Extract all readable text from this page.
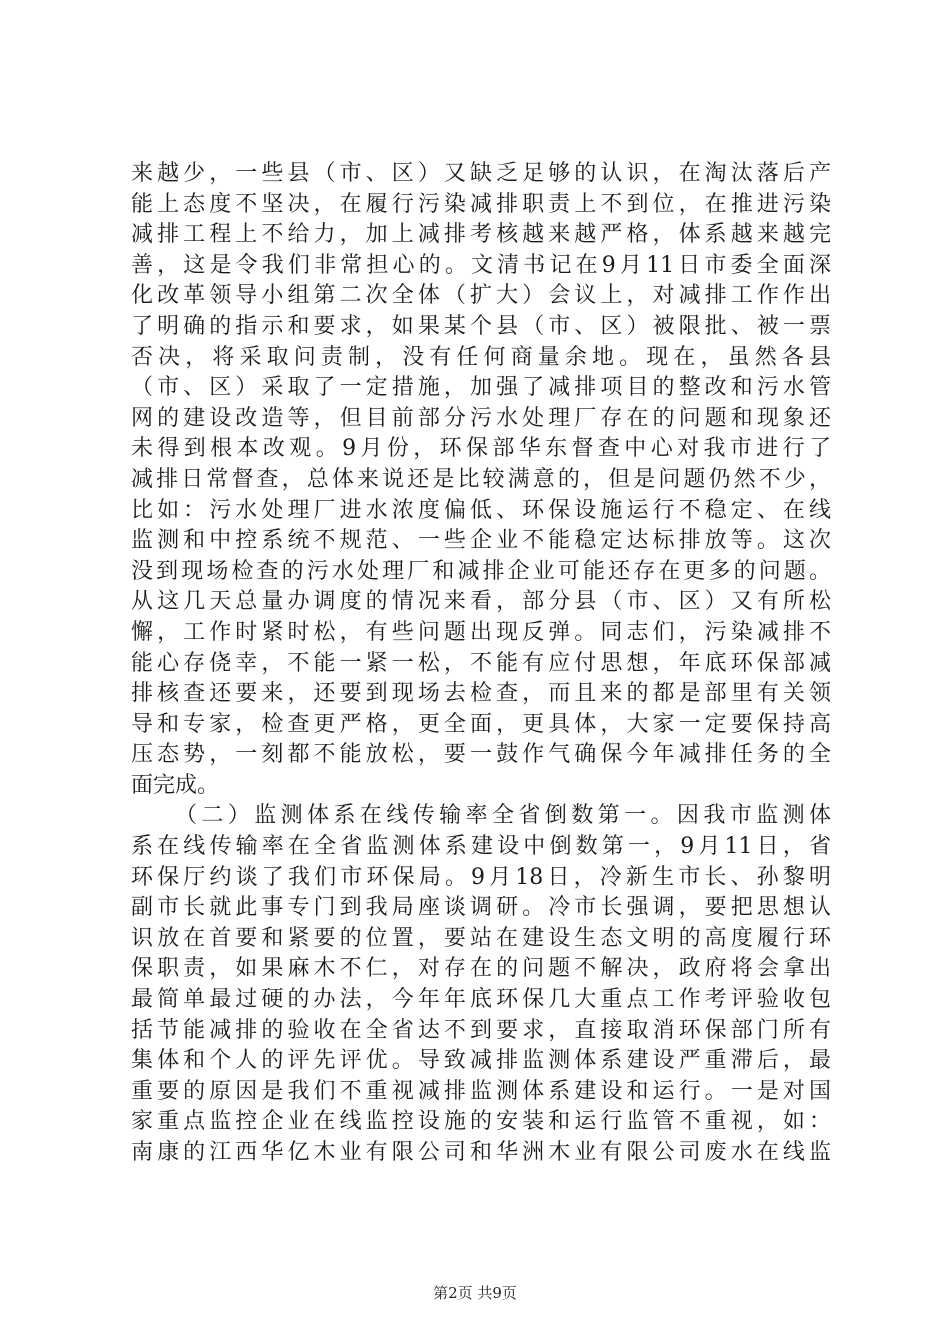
来越少，一些县（市、区）又缺乏足够的认识，在淘汰落后产
能上态度不坚决，在履行污染减排职责上不到位，在推进污染
减排工程上不给力，加上减排考核越来越严格，体系越来越完
善，这是令我们非常担心的。文清书记在9月11日市委全面深
化改革领导小组第二次全体（扩大）会议上，对减排工作作出
了明确的指示和要求，如果某个县（市、区）被限批、被一票
否决，将采取问责制，没有任何商量余地。现在，虽然各县
（市、区）采取了一定措施，加强了减排项目的整改和污水管
网的建设改造等，但目前部分污水处理厂存在的问题和现象还
未得到根本改观。9月份，环保部华东督查中心对我市进行了
减排日常督查，总体来说还是比较满意的，但是问题仍然不少，
比如：污水处理厂进水浓度偏低、环保设施运行不稳定、在线
监测和中控系统不规范、一些企业不能稳定达标排放等。这次
没到现场检查的污水处理厂和减排企业可能还存在更多的问题。
从这几天总量办调度的情况来看，部分县（市、区）又有所松
懈，工作时紧时松，有些问题出现反弹。同志们，污染减排不
能心存侥幸，不能一紧一松，不能有应付思想，年底环保部减
排核查还要来，还要到现场去检查，而且来的都是部里有关领
导和专家，检查更严格，更全面，更具体，大家一定要保持高
压态势，一刻都不能放松，要一鼓作气确保今年减排任务的全
面完成。
（二）监测体系在线传输率全省倒数第一。因我市监测体
系在线传输率在全省监测体系建设中倒数第一，9月11日，省
环保厅约谈了我们市环保局。9月18日，冷新生市长、孙黎明
副市长就此事专门到我局座谈调研。冷市长强调，要把思想认
识放在首要和紧要的位置，要站在建设生态文明的高度履行环
保职责，如果麻木不仁，对存在的问题不解决，政府将会拿出
最简单最过硬的办法，今年年底环保几大重点工作考评验收包
括节能减排的验收在全省达不到要求，直接取消环保部门所有
集体和个人的评先评优。导致减排监测体系建设严重滞后，最
重要的原因是我们不重视减排监测体系建设和运行。一是对国
家重点监控企业在线监控设施的安装和运行监管不重视，如：
南康的江西华亿木业有限公司和华洲木业有限公司废水在线监
第2页 共9页
